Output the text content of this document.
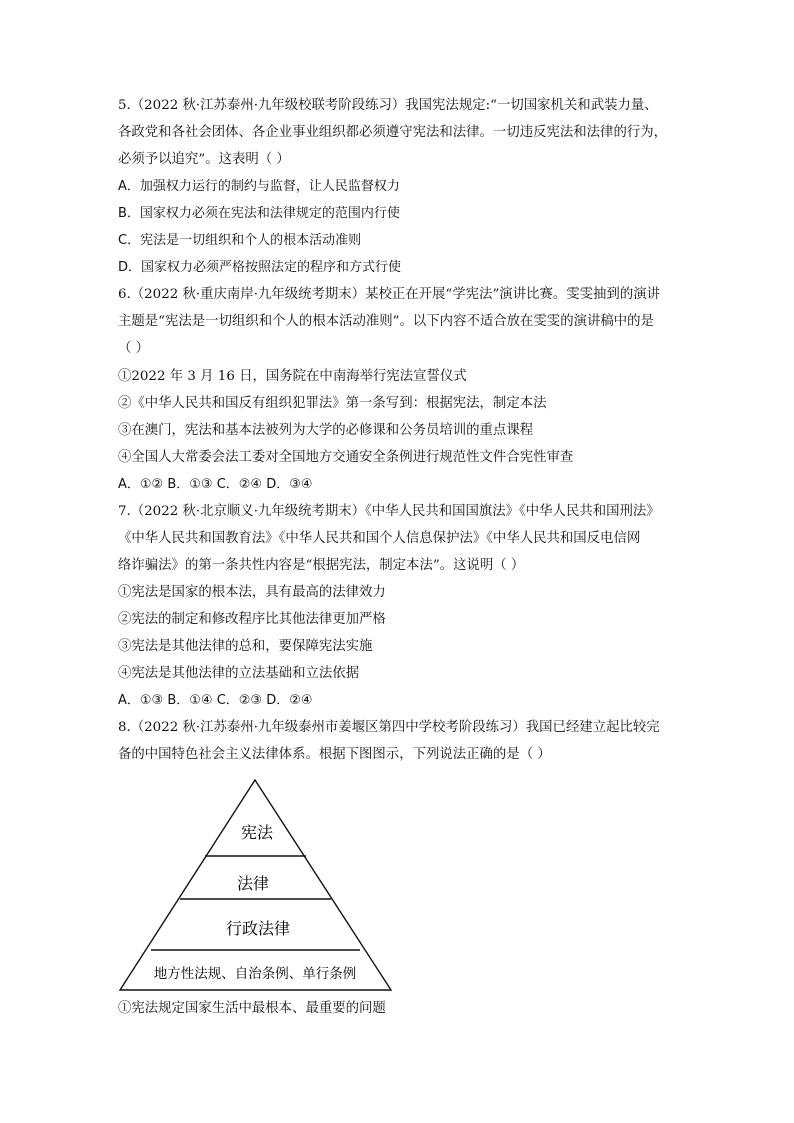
5.（2022 秋·江苏泰州·九年级校联考阶段练习）我国宪法规定:“一切国家机关和武装力量、
各政党和各社会团体、各企业事业组织都必须遵守宪法和法律。一切违反宪法和法律的行为，
必须予以追究”。这表明（ ）
A．加强权力运行的制约与监督，让人民监督权力
B．国家权力必须在宪法和法律规定的范围内行使
C．宪法是一切组织和个人的根本活动准则
D．国家权力必须严格按照法定的程序和方式行使
6.（2022 秋·重庆南岸·九年级统考期末）某校正在开展“学宪法”演讲比赛。雯雯抽到的演讲
主题是“宪法是一切组织和个人的根本活动准则”。以下内容不适合放在雯雯的演讲稿中的是
（ ）
①2022 年 3 月 16 日，国务院在中南海举行宪法宣誓仪式
②《中华人民共和国反有组织犯罪法》第一条写到：根据宪法，制定本法
③在澳门，宪法和基本法被列为大学的必修课和公务员培训的重点课程
④全国人大常委会法工委对全国地方交通安全条例进行规范性文件合宪性审查
A．①② B．①③ C．②④ D．③④
7.（2022 秋·北京顺义·九年级统考期末）《中华人民共和国国旗法》《中华人民共和国刑法》
《中华人民共和国教育法》《中华人民共和国个人信息保护法》《中华人民共和国反电信网
络诈骗法》的第一条共性内容是“根据宪法，制定本法”。这说明（ ）
①宪法是国家的根本法，具有最高的法律效力
②宪法的制定和修改程序比其他法律更加严格
③宪法是其他法律的总和，要保障宪法实施
④宪法是其他法律的立法基础和立法依据
A．①③ B．①④ C．②③ D．②④
8.（2022 秋·江苏泰州·九年级泰州市姜堰区第四中学校考阶段练习）我国已经建立起比较完
备的中国特色社会主义法律体系。根据下图图示，下列说法正确的是（ ）
宪法
法律
行政法律
地方性法规、自治条例、单行条例
①宪法规定国家生活中最根本、最重要的问题
